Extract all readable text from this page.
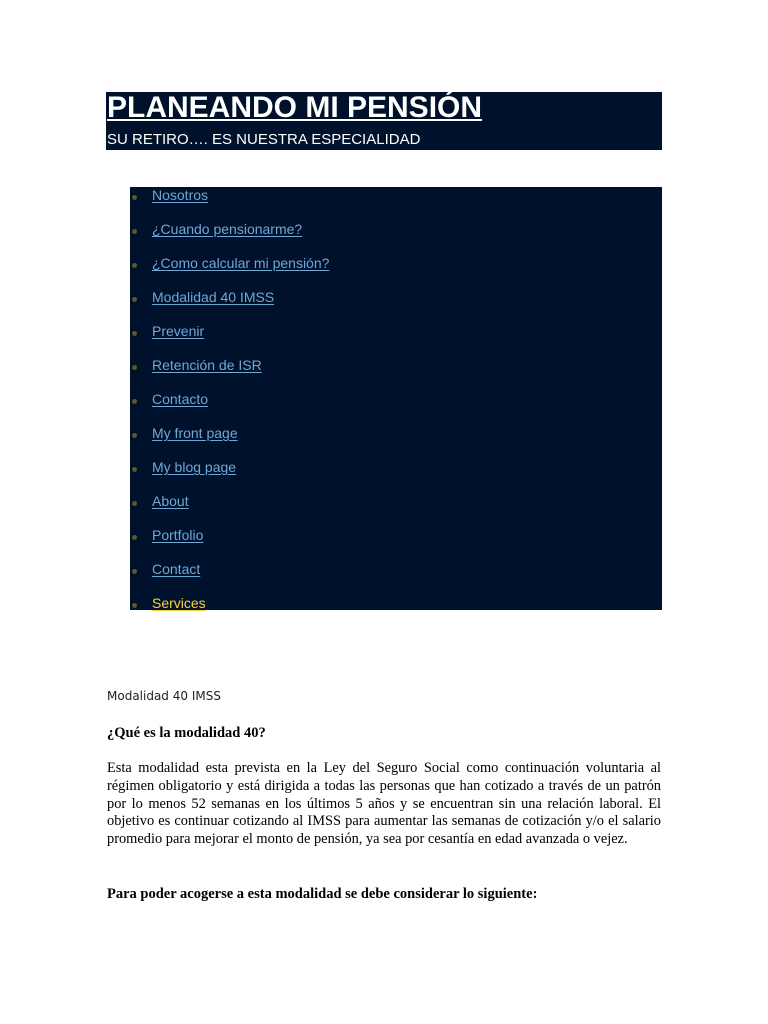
PLANEANDO MI PENSIÓN

SU RETIRO…. ES NUESTRA ESPECIALIDAD

Nosotros
¿Cuando pensionarme?
¿Como calcular mi pensión?
Modalidad 40 IMSS
Prevenir
Retención de ISR
Contacto
My front page
My blog page
About
Portfolio
Contact
Services

Modalidad 40 IMSS

¿Qué es la modalidad 40?

Esta modalidad esta prevista en la Ley del Seguro Social como continuación voluntaria al régimen obligatorio y está dirigida a todas las personas que han cotizado a través de un patrón por lo menos 52 semanas en los últimos 5 años y se encuentran sin una relación laboral. El objetivo es continuar cotizando al IMSS para aumentar las semanas de cotización y/o el salario promedio para mejorar el monto de pensión, ya sea por cesantía en edad avanzada o vejez.

Para poder acogerse a esta modalidad se debe considerar lo siguiente:
